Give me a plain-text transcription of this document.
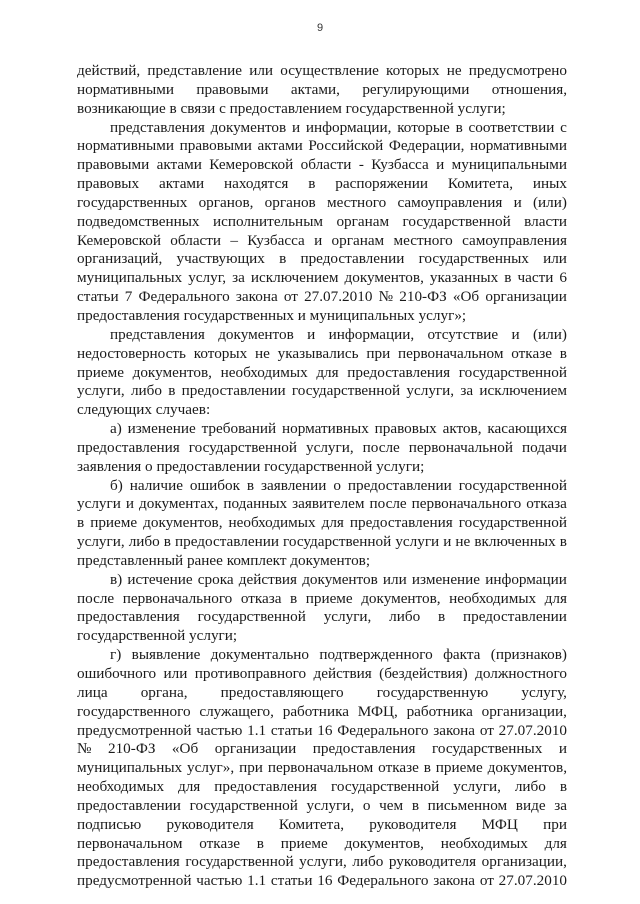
9
действий, представление или осуществление которых не предусмотрено
нормативными правовыми актами, регулирующими отношения,
возникающие в связи с предоставлением государственной услуги;
представления документов и информации, которые в соответствии с
нормативными правовыми актами Российской Федерации, нормативными
правовыми актами Кемеровской области - Кузбасса и муниципальными
правовых актами находятся в распоряжении Комитета, иных
государственных органов, органов местного самоуправления и (или)
подведомственных исполнительным органам государственной власти
Кемеровской области – Кузбасса и органам местного самоуправления
организаций, участвующих в предоставлении государственных или
муниципальных услуг, за исключением документов, указанных в части 6
статьи 7 Федерального закона от 27.07.2010 № 210-ФЗ «Об организации
предоставления государственных и муниципальных услуг»;
представления документов и информации, отсутствие и (или)
недостоверность которых не указывались при первоначальном отказе в
приеме документов, необходимых для предоставления государственной
услуги, либо в предоставлении государственной услуги, за исключением
следующих случаев:
а) изменение требований нормативных правовых актов, касающихся
предоставления государственной услуги, после первоначальной подачи
заявления о предоставлении государственной услуги;
б) наличие ошибок в заявлении о предоставлении государственной
услуги и документах, поданных заявителем после первоначального отказа
в приеме документов, необходимых для предоставления государственной
услуги, либо в предоставлении государственной услуги и не включенных в
представленный ранее комплект документов;
в) истечение срока действия документов или изменение информации
после первоначального отказа в приеме документов, необходимых для
предоставления государственной услуги, либо в предоставлении
государственной услуги;
г) выявление документально подтвержденного факта (признаков)
ошибочного или противоправного действия (бездействия) должностного
лица органа, предоставляющего государственную услугу,
государственного служащего, работника МФЦ, работника организации,
предусмотренной частью 1.1 статьи 16 Федерального закона от 27.07.2010
№ 210-ФЗ «Об организации предоставления государственных и
муниципальных услуг», при первоначальном отказе в приеме документов,
необходимых для предоставления государственной услуги, либо в
предоставлении государственной услуги, о чем в письменном виде за
подписью руководителя Комитета, руководителя МФЦ при
первоначальном отказе в приеме документов, необходимых для
предоставления государственной услуги, либо руководителя организации,
предусмотренной частью 1.1 статьи 16 Федерального закона от 27.07.2010
